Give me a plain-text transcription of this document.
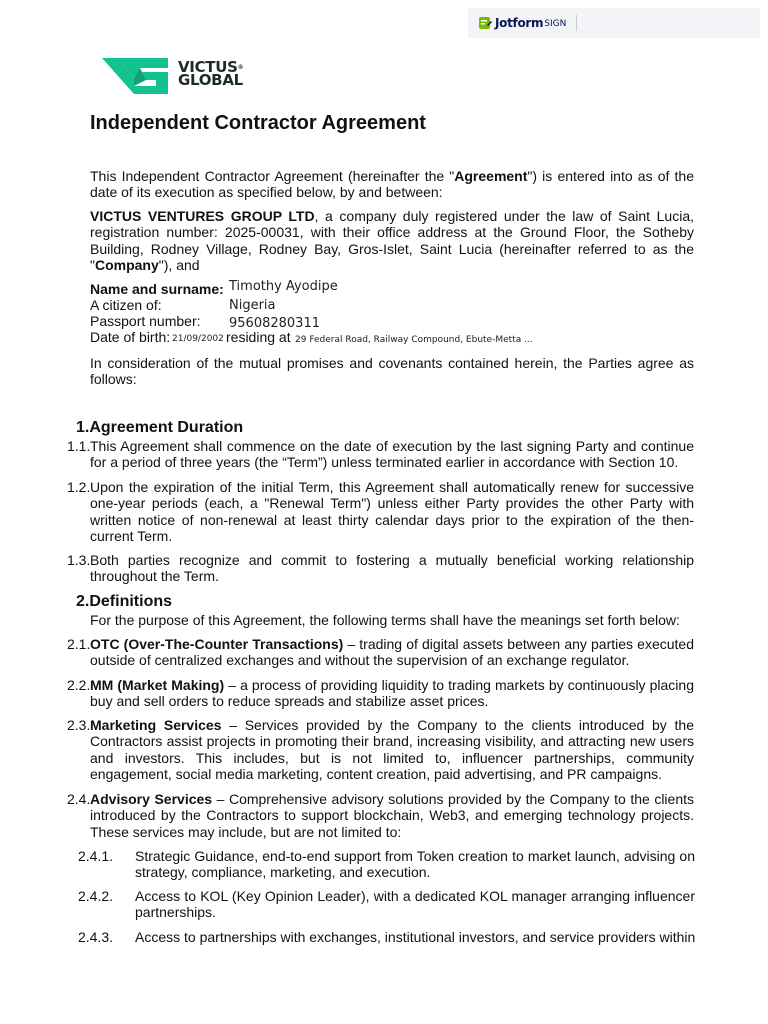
Jotform SIGN
VICTUS®
GLOBAL
Independent Contractor Agreement

This Independent Contractor Agreement (hereinafter the "Agreement") is entered into as of the date of its execution as specified below, by and between:

VICTUS VENTURES GROUP LTD, a company duly registered under the law of Saint Lucia, registration number: 2025-00031, with their office address at the Ground Floor, the Sotheby Building, Rodney Village, Rodney Bay, Gros-Islet, Saint Lucia (hereinafter referred to as the "Company"), and

Name and surname: Timothy Ayodipe
A citizen of:	Nigeria
Passport number: 95608280311
Date of birth: 21/09/2002 residing at 29 Federal Road, Railway Compound, Ebute-Metta ...

In consideration of the mutual promises and covenants contained herein, the Parties agree as follows:

1.Agreement Duration
1.1. This Agreement shall commence on the date of execution by the last signing Party and continue for a period of three years (the “Term”) unless terminated earlier in accordance with Section 10.
1.2. Upon the expiration of the initial Term, this Agreement shall automatically renew for successive one-year periods (each, a "Renewal Term") unless either Party provides the other Party with written notice of non-renewal at least thirty calendar days prior to the expiration of the then-current Term.
1.3. Both parties recognize and commit to fostering a mutually beneficial working relationship throughout the Term.
2.Definitions
For the purpose of this Agreement, the following terms shall have the meanings set forth below:
2.1. OTC (Over-The-Counter Transactions) – trading of digital assets between any parties executed outside of centralized exchanges and without the supervision of an exchange regulator.
2.2. MM (Market Making) – a process of providing liquidity to trading markets by continuously placing buy and sell orders to reduce spreads and stabilize asset prices.
2.3. Marketing Services – Services provided by the Company to the clients introduced by the Contractors assist projects in promoting their brand, increasing visibility, and attracting new users and investors. This includes, but is not limited to, influencer partnerships, community engagement, social media marketing, content creation, paid advertising, and PR campaigns.
2.4. Advisory Services – Comprehensive advisory solutions provided by the Company to the clients introduced by the Contractors to support blockchain, Web3, and emerging technology projects. These services may include, but are not limited to:
2.4.1. Strategic Guidance, end-to-end support from Token creation to market launch, advising on strategy, compliance, marketing, and execution.
2.4.2. Access to KOL (Key Opinion Leader), with a dedicated KOL manager arranging influencer partnerships.
2.4.3. Access to partnerships with exchanges, institutional investors, and service providers within
